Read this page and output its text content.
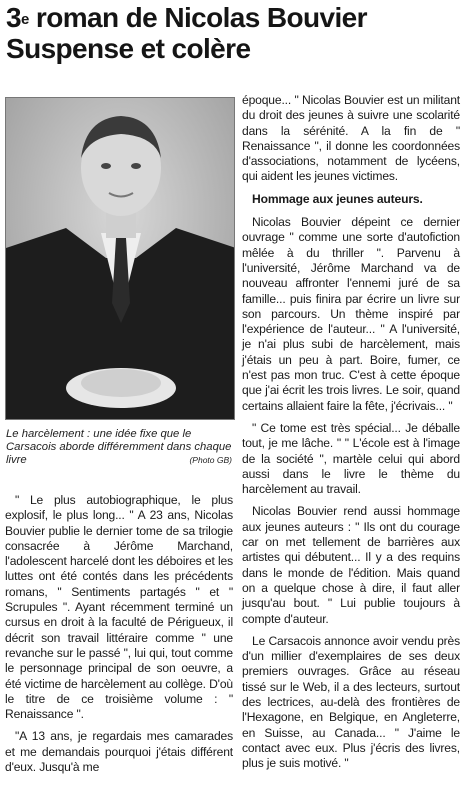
3e roman de Nicolas Bouvier
Suspense et colère
Le harcèlement : une idée fixe que le Carsacois aborde différemment dans chaque livre	(Photo GB)

" Le plus autobiographique, le plus explosif, le plus long... " A 23 ans, Nicolas Bouvier publie le dernier tome de sa trilogie consacrée à Jérôme Marchand, l'adolescent harcelé dont les déboires et les luttes ont été contés dans les précédents romans, " Sentiments partagés " et " Scrupules ". Ayant récemment terminé un cursus en droit à la faculté de Périgueux, il décrit son travail littéraire comme " une revanche sur le passé ", lui qui, tout comme le personnage principal de son oeuvre, a été victime de harcèlement au collège. D'où le titre de ce troisième volume : " Renaissance ".

"A 13 ans, je regardais mes camarades et me demandais pourquoi j'étais différent d'eux. Jusqu'à me

époque... " Nicolas Bouvier est un militant du droit des jeunes à suivre une scolarité dans la sérénité. A la fin de " Renaissance ", il donne les coordonnées d'associations, notamment de lycéens, qui aident les jeunes victimes.

Hommage aux jeunes auteurs.

Nicolas Bouvier dépeint ce dernier ouvrage " comme une sorte d'autofiction mêlée à du thriller ". Parvenu à l'université, Jérôme Marchand va de nouveau affronter l'ennemi juré de sa famille... puis finira par écrire un livre sur son parcours. Un thème inspiré par l'expérience de l'auteur... " A l'université, je n'ai plus subi de harcèlement, mais j'étais un peu à part. Boire, fumer, ce n'est pas mon truc. C'est à cette époque que j'ai écrit les trois livres. Le soir, quand certains allaient faire la fête, j'écrivais... "

" Ce tome est très spécial... Je déballe tout, je me lâche. " " L'école est à l'image de la société ", martèle celui qui abord aussi dans le livre le thème du harcèlement au travail.

Nicolas Bouvier rend aussi hommage aux jeunes auteurs : " Ils ont du courage car on met tellement de barrières aux artistes qui débutent... Il y a des requins dans le monde de l'édition. Mais quand on a quelque chose à dire, il faut aller jusqu'au bout. " Lui publie toujours à compte d'auteur.

Le Carsacois annonce avoir vendu près d'un millier d'exemplaires de ses deux premiers ouvrages. Grâce au réseau tissé sur le Web, il a des lecteurs, surtout des lectrices, au-delà des frontières de l'Hexagone, en Belgique, en Angleterre, en Suisse, au Canada... " J'aime le contact avec eux. Plus j'écris des livres, plus je suis motivé. "
